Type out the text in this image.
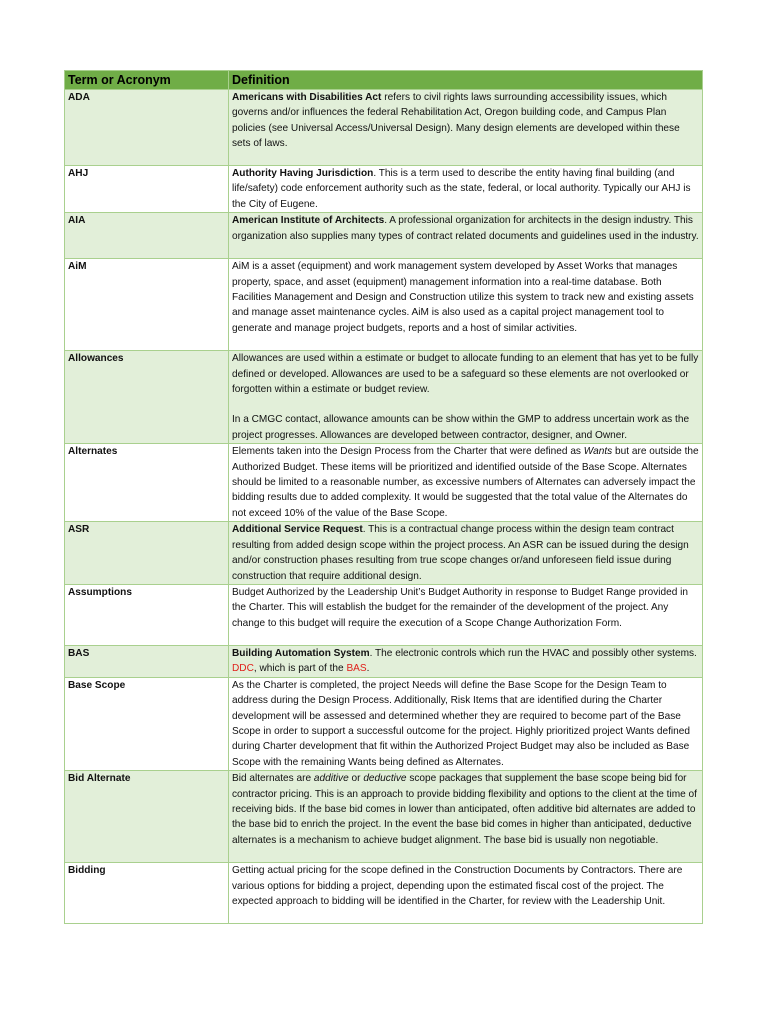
Term or Acronym	Definition
ADA	Americans with Disabilities Act refers to civil rights laws surrounding accessibility issues, which governs and/or influences the federal Rehabilitation Act, Oregon building code, and Campus Plan policies (see Universal Access/Universal Design). Many design elements are developed within these sets of laws.
AHJ	Authority Having Jurisdiction. This is a term used to describe the entity having final building (and life/safety) code enforcement authority such as the state, federal, or local authority. Typically our AHJ is the City of Eugene.
AIA	American Institute of Architects. A professional organization for architects in the design industry. This organization also supplies many types of contract related documents and guidelines used in the industry.
AiM	AiM is a asset (equipment) and work management system developed by Asset Works that manages property, space, and asset (equipment) management information into a real-time database. Both Facilities Management and Design and Construction utilize this system to track new and existing assets and manage asset maintenance cycles. AiM is also used as a capital project management tool to generate and manage project budgets, reports and a host of similar activities.
Allowances	Allowances are used within a estimate or budget to allocate funding to an element that has yet to be fully defined or developed. Allowances are used to be a safeguard so these elements are not overlooked or forgotten within a estimate or budget review.
In a CMGC contact, allowance amounts can be show within the GMP to address uncertain work as the project progresses. Allowances are developed between contractor, designer, and Owner.
Alternates	Elements taken into the Design Process from the Charter that were defined as Wants but are outside the Authorized Budget. These items will be prioritized and identified outside of the Base Scope. Alternates should be limited to a reasonable number, as excessive numbers of Alternates can adversely impact the bidding results due to added complexity. It would be suggested that the total value of the Alternates do not exceed 10% of the value of the Base Scope.
ASR	Additional Service Request. This is a contractual change process within the design team contract resulting from added design scope within the project process. An ASR can be issued during the design and/or construction phases resulting from true scope changes or/and unforeseen field issue during construction that require additional design.
Assumptions	Budget Authorized by the Leadership Unit’s Budget Authority in response to Budget Range provided in the Charter. This will establish the budget for the remainder of the development of the project. Any change to this budget will require the execution of a Scope Change Authorization Form.
BAS	Building Automation System. The electronic controls which run the HVAC and possibly other systems. DDC, which is part of the BAS.
Base Scope	As the Charter is completed, the project Needs will define the Base Scope for the Design Team to address during the Design Process. Additionally, Risk Items that are identified during the Charter development will be assessed and determined whether they are required to become part of the Base Scope in order to support a successful outcome for the project. Highly prioritized project Wants defined during Charter development that fit within the Authorized Project Budget may also be included as Base Scope with the remaining Wants being defined as Alternates.
Bid Alternate	Bid alternates are additive or deductive scope packages that supplement the base scope being bid for contractor pricing. This is an approach to provide bidding flexibility and options to the client at the time of receiving bids. If the base bid comes in lower than anticipated, often additive bid alternates are added to the base bid to enrich the project. In the event the base bid comes in higher than anticipated, deductive alternates is a mechanism to achieve budget alignment. The base bid is usually non negotiable.
Bidding	Getting actual pricing for the scope defined in the Construction Documents by Contractors. There are various options for bidding a project, depending upon the estimated fiscal cost of the project. The expected approach to bidding will be identified in the Charter, for review with the Leadership Unit.
